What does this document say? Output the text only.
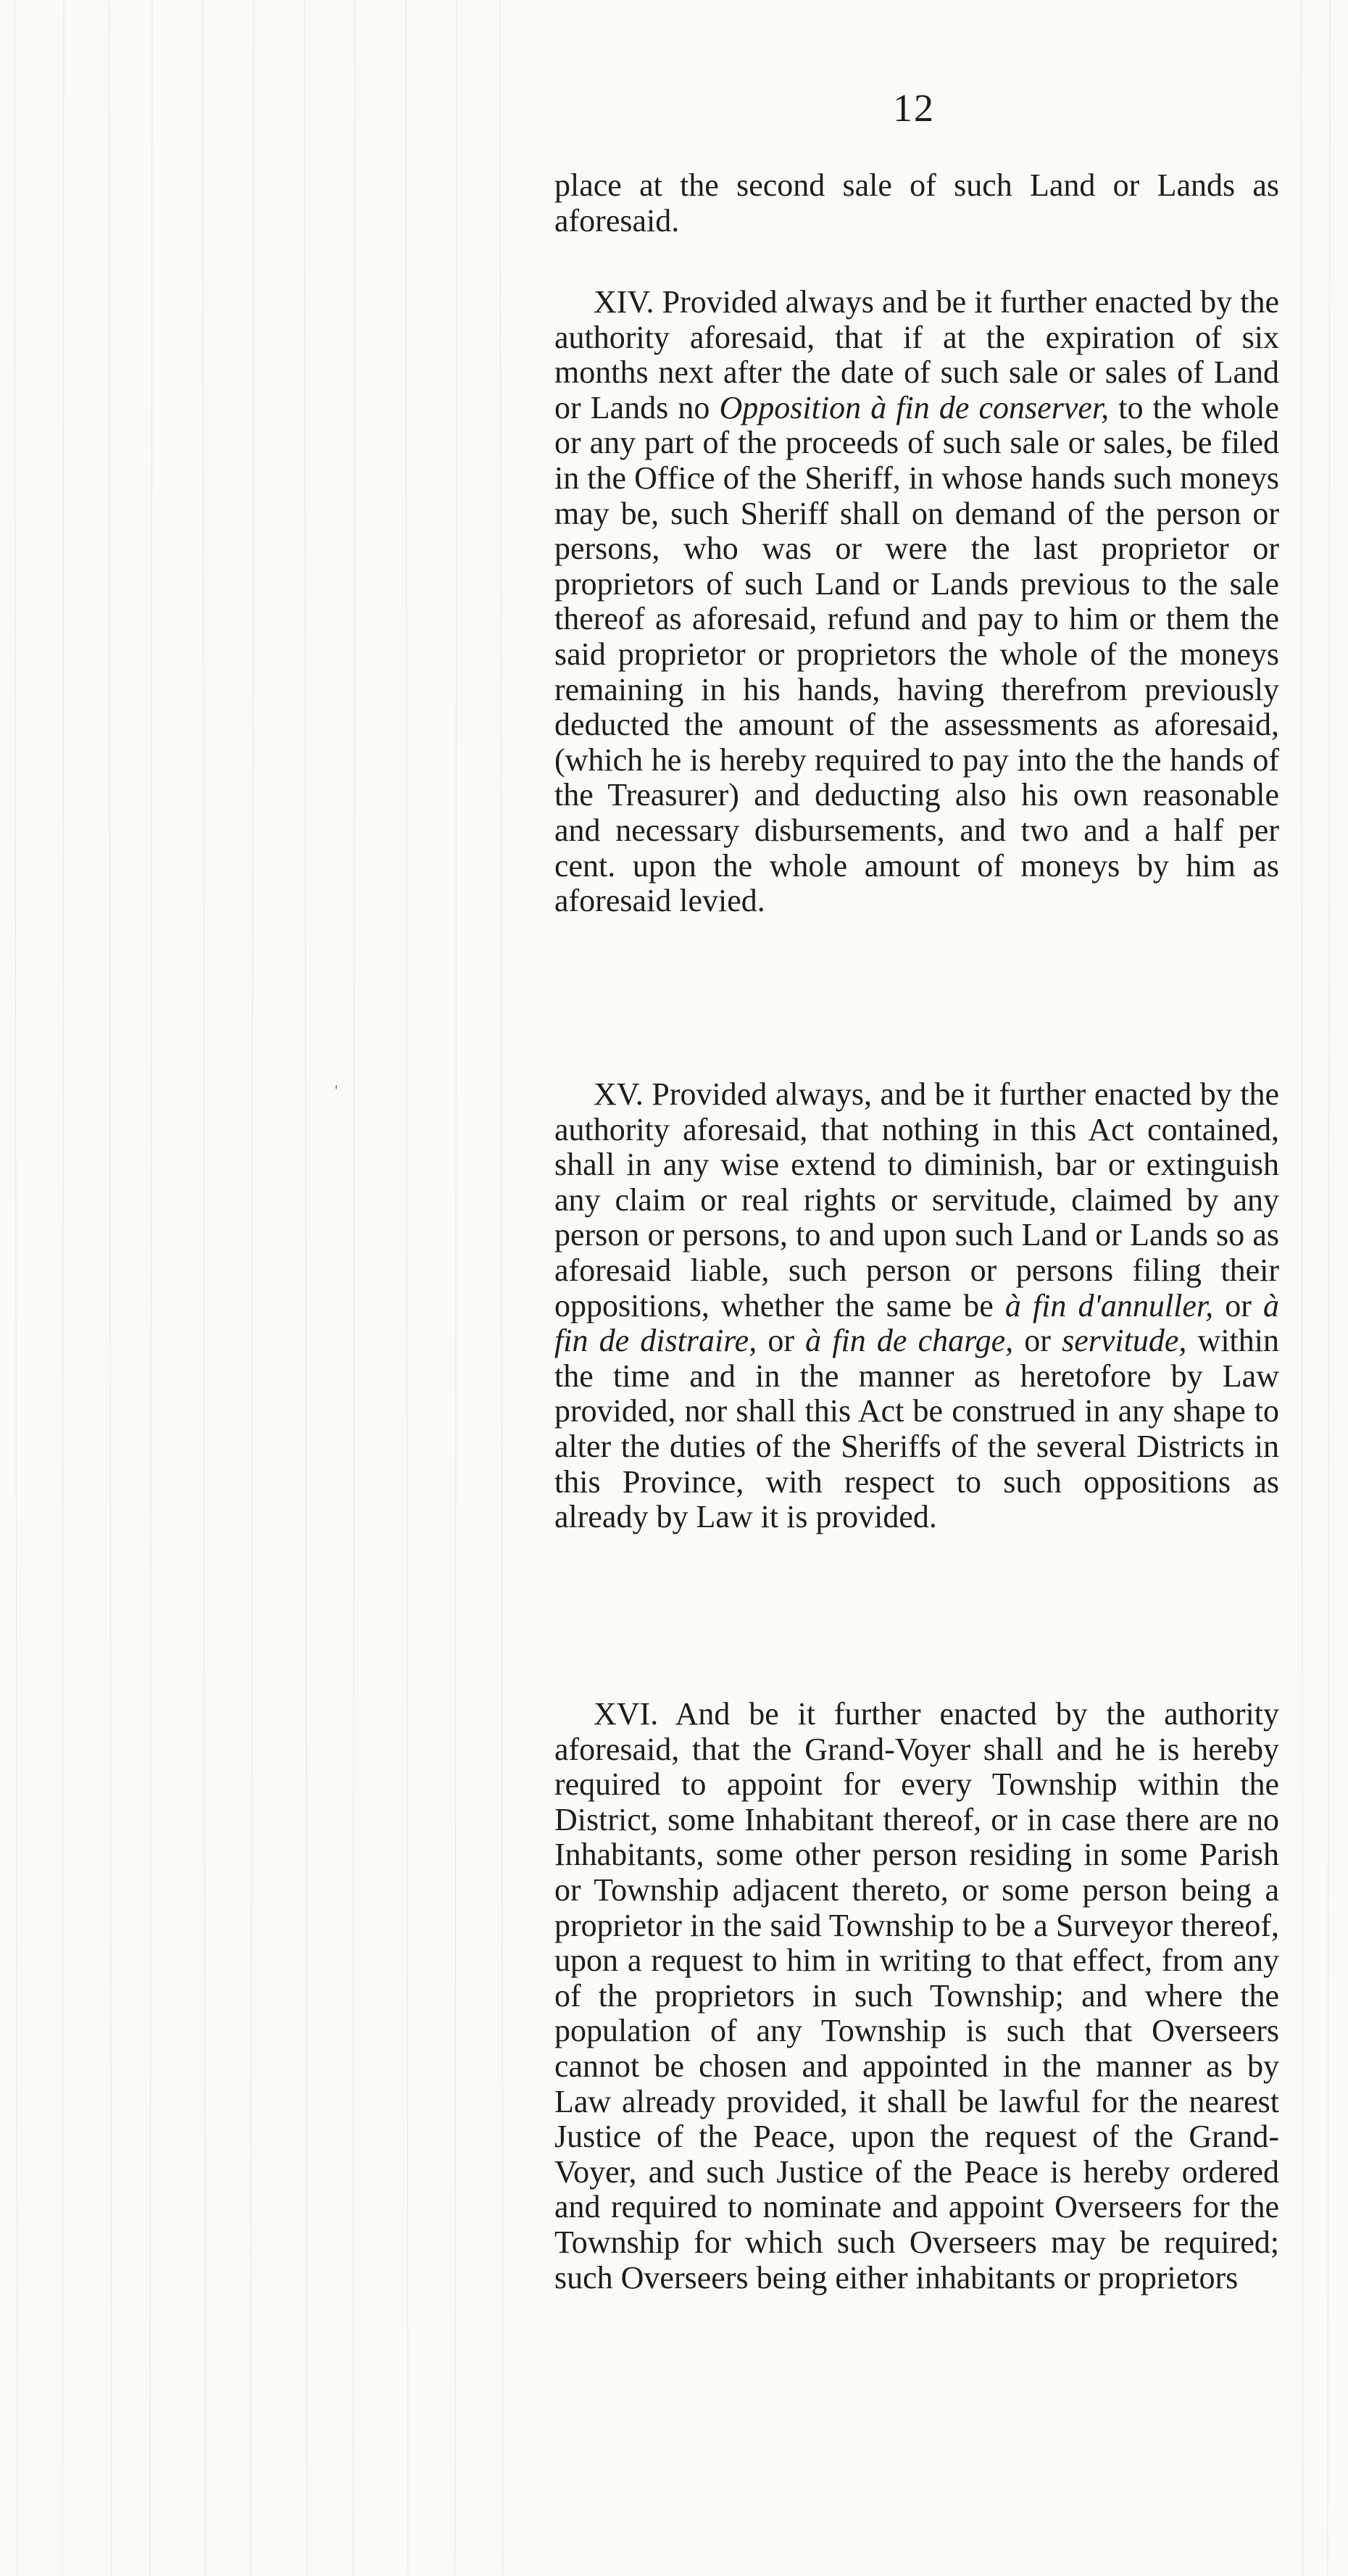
12
'

place at the second sale of such Land or Lands as aforesaid.

XIV. Provided always and be it further enacted by the authority aforesaid, that if at the expiration of six months next after the date of such sale or sales of Land or Lands no Opposition à fin de conserver, to the whole or any part of the proceeds of such sale or sales, be filed in the Office of the Sheriff, in whose hands such moneys may be, such Sheriff shall on demand of the person or persons, who was or were the last proprietor or proprietors of such Land or Lands previous to the sale thereof as aforesaid, refund and pay to him or them the said proprietor or proprietors the whole of the moneys remaining in his hands, having therefrom previously deducted the amount of the assessments as aforesaid, (which he is hereby required to pay into the the hands of the Treasurer) and deducting also his own reasonable and necessary disbursements, and two and a half per cent. upon the whole amount of moneys by him as aforesaid levied.

XV. Provided always, and be it further enacted by the authority aforesaid, that nothing in this Act contained, shall in any wise extend to diminish, bar or extinguish any claim or real rights or servitude, claimed by any person or persons, to and upon such Land or Lands so as aforesaid liable, such person or persons filing their oppositions, whether the same be à fin d'annuller, or à fin de distraire, or à fin de charge, or servitude, within the time and in the manner as heretofore by Law provided, nor shall this Act be construed in any shape to alter the duties of the Sheriffs of the several Districts in this Province, with respect to such oppositions as already by Law it is provided.

XVI. And be it further enacted by the authority aforesaid, that the Grand-Voyer shall and he is hereby required to appoint for every Township within the District, some Inhabitant thereof, or in case there are no Inhabitants, some other person residing in some Parish or Township adjacent thereto, or some person being a proprietor in the said Township to be a Surveyor thereof, upon a request to him in writing to that effect, from any of the proprietors in such Township; and where the population of any Township is such that Overseers cannot be chosen and appointed in the manner as by Law already provided, it shall be lawful for the nearest Justice of the Peace, upon the request of the Grand-Voyer, and such Justice of the Peace is hereby ordered and required to nominate and appoint Overseers for the Township for which such Overseers may be required; such Overseers being either inhabitants or proprietors
